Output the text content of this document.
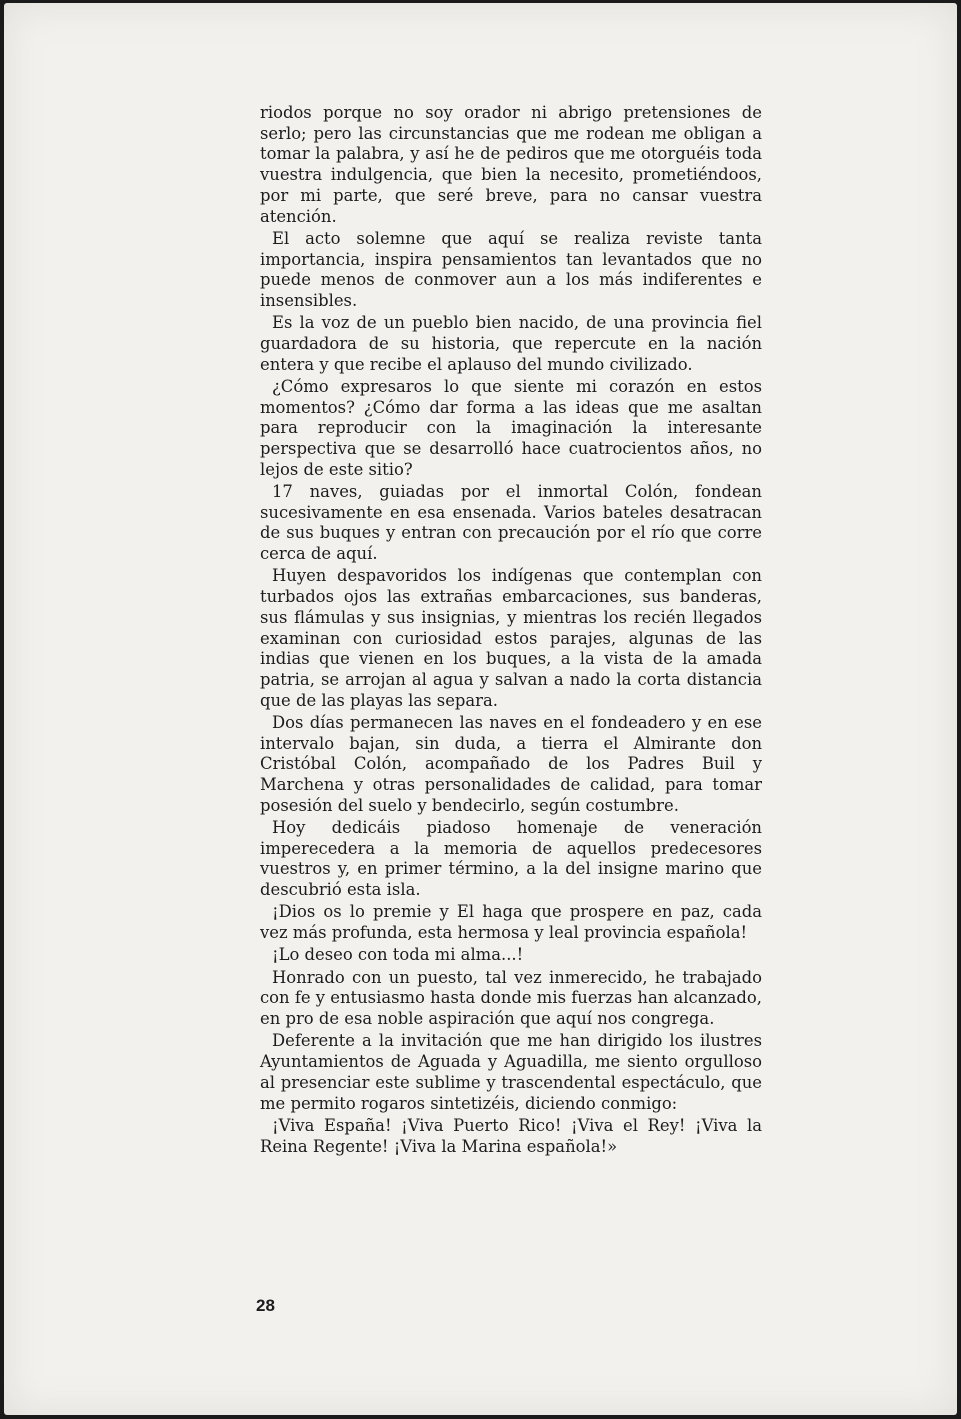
riodos porque no soy orador ni abrigo pretensiones de serlo; pero las circunstancias que me rodean me obligan a tomar la palabra, y así he de pediros que me otorguéis toda vuestra indulgencia, que bien la necesito, prometiéndoos, por mi parte, que seré breve, para no cansar vuestra atención.

El acto solemne que aquí se realiza reviste tanta importancia, inspira pensamientos tan levantados que no puede menos de conmover aun a los más indiferentes e insensibles.

Es la voz de un pueblo bien nacido, de una provincia fiel guardadora de su historia, que repercute en la nación entera y que recibe el aplauso del mundo civilizado.

¿Cómo expresaros lo que siente mi corazón en estos momentos? ¿Cómo dar forma a las ideas que me asaltan para reproducir con la imaginación la interesante perspectiva que se desarrolló hace cuatrocientos años, no lejos de este sitio?

17 naves, guiadas por el inmortal Colón, fondean sucesivamente en esa ensenada. Varios bateles desatracan de sus buques y entran con precaución por el río que corre cerca de aquí.

Huyen despavoridos los indígenas que contemplan con turbados ojos las extrañas embarcaciones, sus banderas, sus flámulas y sus insignias, y mientras los recién llegados examinan con curiosidad estos parajes, algunas de las indias que vienen en los buques, a la vista de la amada patria, se arrojan al agua y salvan a nado la corta distancia que de las playas las separa.

Dos días permanecen las naves en el fondeadero y en ese intervalo bajan, sin duda, a tierra el Almirante don Cristóbal Colón, acompañado de los Padres Buil y Marchena y otras personalidades de calidad, para tomar posesión del suelo y bendecirlo, según costumbre.

Hoy dedicáis piadoso homenaje de veneración imperecedera a la memoria de aquellos predecesores vuestros y, en primer término, a la del insigne marino que descubrió esta isla.

¡Dios os lo premie y El haga que prospere en paz, cada vez más profunda, esta hermosa y leal provincia española!

¡Lo deseo con toda mi alma...!

Honrado con un puesto, tal vez inmerecido, he trabajado con fe y entusiasmo hasta donde mis fuerzas han alcanzado, en pro de esa noble aspiración que aquí nos congrega.

Deferente a la invitación que me han dirigido los ilustres Ayuntamientos de Aguada y Aguadilla, me siento orgulloso al presenciar este sublime y trascendental espectáculo, que me permito rogaros sintetizéis, diciendo conmigo:

¡Viva España! ¡Viva Puerto Rico! ¡Viva el Rey! ¡Viva la Reina Regente! ¡Viva la Marina española!»

28
